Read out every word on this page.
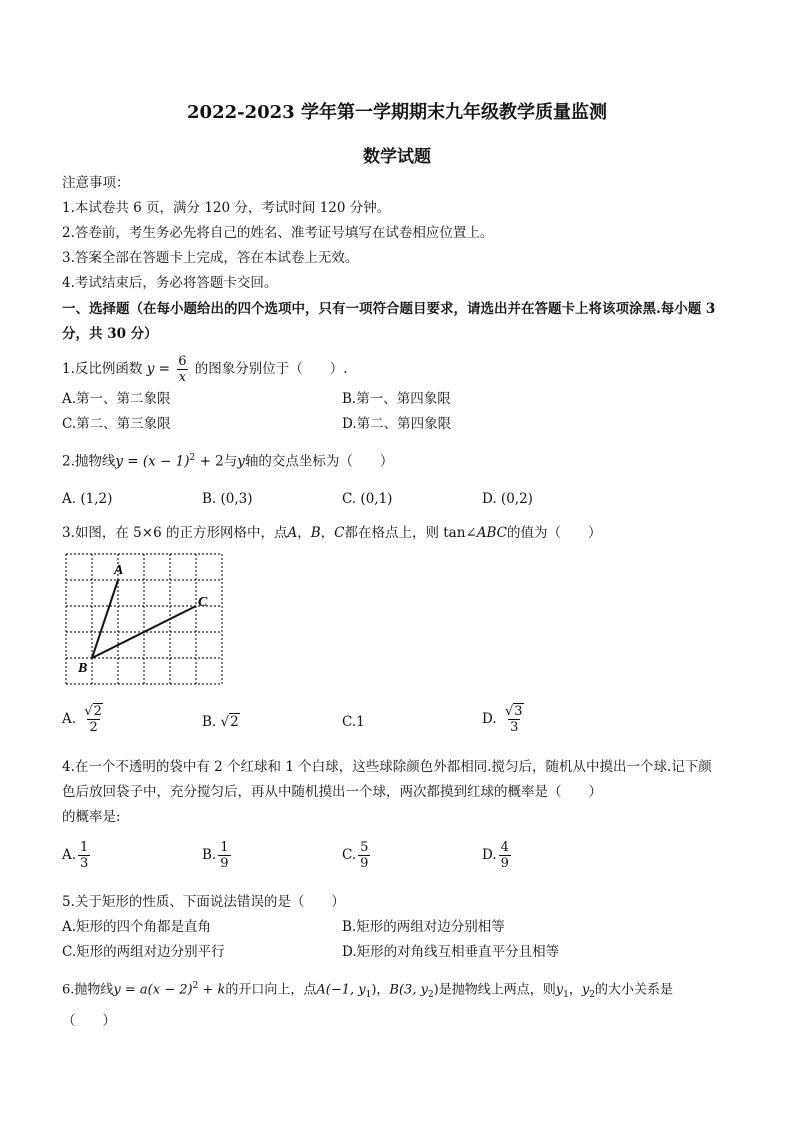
2022-2023 学年第一学期期末九年级教学质量监测
数学试题
注意事项：
1.本试卷共 6 页，满分 120 分，考试时间 120 分钟。
2.答卷前，考生务必先将自己的姓名、准考证号填写在试卷相应位置上。
3.答案全部在答题卡上完成，答在本试卷上无效。
4.考试结束后，务必将答题卡交回。
一、选择题（在每小题给出的四个选项中，只有一项符合题目要求，请选出并在答题卡上将该项涂黑.每小题 3
分，共 30 分）
1.反比例函数 $y = \frac{6}{x}$ 的图象分别位于（　　）.
A.第一、第二象限	B.第一、第四象限
C.第二、第三象限	D.第二、第四象限
2.抛物线$y = (x - 1)^2 + 2$与y轴的交点坐标为（　　）
A. (1,2)	B. (0,3)	C. (0,1)	D. (0,2)
3.如图，在 5×6 的正方形网格中，点A，B，C都在格点上，则 tan∠ABC的值为（　　）
A
B
C
A. $\frac{√2}{2}$	B. √2	C.1	D. $\frac{√3}{3}$
4.在一个不透明的袋中有 2 个红球和 1 个白球，这些球除颜色外都相同.搅匀后，随机从中摸出一个球.记下颜
色后放回袋子中，充分搅匀后，再从中随机摸出一个球，两次都摸到红球的概率是（　　）
的概率是:
A. $\frac{1}{3}$	B. $\frac{1}{9}$	C. $\frac{5}{9}$	D. $\frac{4}{9}$
5.关于矩形的性质、下面说法错误的是（　　）
A.矩形的四个角都是直角	B.矩形的两组对边分别相等
C.矩形的两组对边分别平行	D.矩形的对角线互相垂直平分且相等
6.抛物线$y = a(x - 2)^2 + k$的开口向上，点A(−1, $y_1$)，B(3, $y_2$)是抛物线上两点，则$y_1$，$y_2$的大小关系是
（　　）
